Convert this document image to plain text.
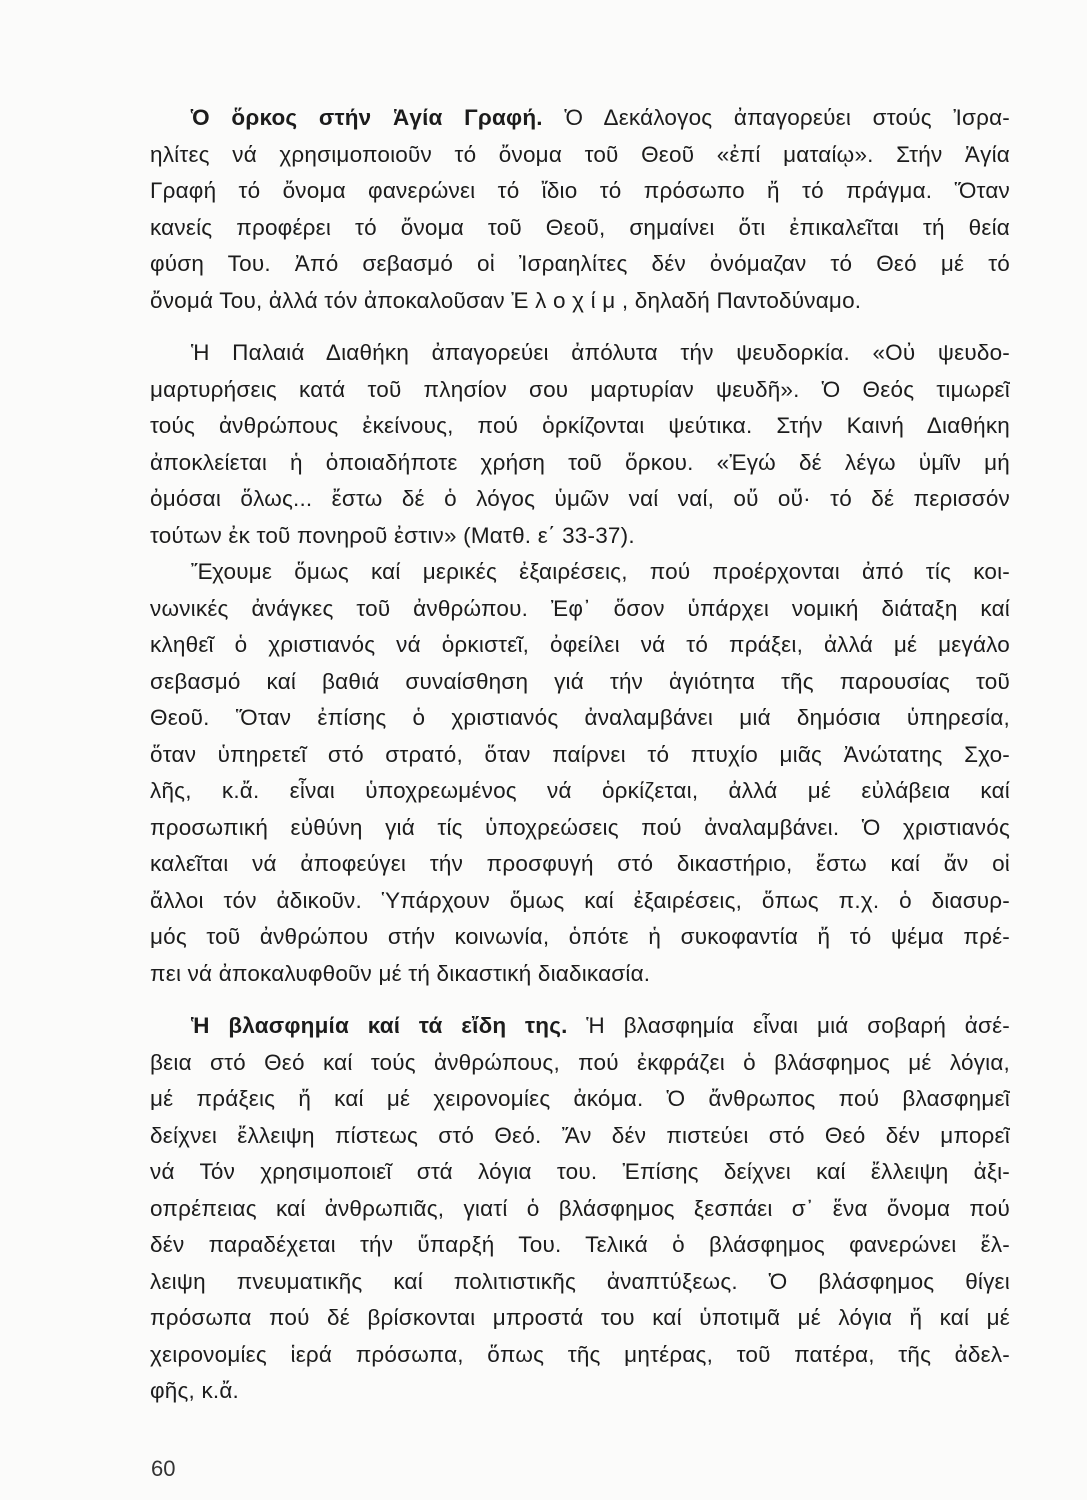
Ὁ ὅρκος στήν Ἁγία Γραφή. Ὁ Δεκάλογος ἀπαγορεύει στούς Ἰσρα-
ηλίτες νά χρησιμοποιοῦν τό ὄνομα τοῦ Θεοῦ «ἐπί ματαίῳ». Στήν Ἁγία
Γραφή τό ὄνομα φανερώνει τό ἴδιο τό πρόσωπο ἤ τό πράγμα. Ὅταν
κανείς προφέρει τό ὄνομα τοῦ Θεοῦ, σημαίνει ὅτι ἐπικαλεῖται τή θεία
φύση Του. Ἀπό σεβασμό οἱ Ἰσραηλίτες δέν ὀνόμαζαν τό Θεό μέ τό
ὄνομά Του, ἀλλά τόν ἀποκαλοῦσαν Ἐ λ ο χ ί μ , δηλαδή Παντοδύναμο.
Ἡ Παλαιά Διαθήκη ἀπαγορεύει ἀπόλυτα τήν ψευδορκία. «Οὐ ψευδο-
μαρτυρήσεις κατά τοῦ πλησίον σου μαρτυρίαν ψευδῆ». Ὁ Θεός τιμωρεῖ
τούς ἀνθρώπους ἐκείνους, πού ὁρκίζονται ψεύτικα. Στήν Καινή Διαθήκη
ἀποκλείεται ἡ ὁποιαδήποτε χρήση τοῦ ὅρκου. «Ἐγώ δέ λέγω ὑμῖν μή
ὀμόσαι ὅλως... ἔστω δέ ὁ λόγος ὑμῶν ναί ναί, οὔ οὔ· τό δέ περισσόν
τούτων ἐκ τοῦ πονηροῦ ἐστιν» (Ματθ. ε΄ 33-37).
Ἔχουμε ὅμως καί μερικές ἐξαιρέσεις, πού προέρχονται ἀπό τίς κοι-
νωνικές ἀνάγκες τοῦ ἀνθρώπου. Ἐφ᾿ ὅσον ὑπάρχει νομική διάταξη καί
κληθεῖ ὁ χριστιανός νά ὁρκιστεῖ, ὀφείλει νά τό πράξει, ἀλλά μέ μεγάλο
σεβασμό καί βαθιά συναίσθηση γιά τήν ἁγιότητα τῆς παρουσίας τοῦ
Θεοῦ. Ὅταν ἐπίσης ὁ χριστιανός ἀναλαμβάνει μιά δημόσια ὑπηρεσία,
ὅταν ὑπηρετεῖ στό στρατό, ὅταν παίρνει τό πτυχίο μιᾶς Ἀνώτατης Σχο-
λῆς, κ.ἄ. εἶναι ὑποχρεωμένος νά ὁρκίζεται, ἀλλά μέ εὐλάβεια καί
προσωπική εὐθύνη γιά τίς ὑποχρεώσεις πού ἀναλαμβάνει. Ὁ χριστιανός
καλεῖται νά ἀποφεύγει τήν προσφυγή στό δικαστήριο, ἔστω καί ἄν οἱ
ἄλλοι τόν ἀδικοῦν. Ὑπάρχουν ὅμως καί ἐξαιρέσεις, ὅπως π.χ. ὁ διασυρ-
μός τοῦ ἀνθρώπου στήν κοινωνία, ὁπότε ἡ συκοφαντία ἤ τό ψέμα πρέ-
πει νά ἀποκαλυφθοῦν μέ τή δικαστική διαδικασία.
Ἡ βλασφημία καί τά εἴδη της. Ἡ βλασφημία εἶναι μιά σοβαρή ἀσέ-
βεια στό Θεό καί τούς ἀνθρώπους, πού ἐκφράζει ὁ βλάσφημος μέ λόγια,
μέ πράξεις ἤ καί μέ χειρονομίες ἀκόμα. Ὁ ἄνθρωπος πού βλασφημεῖ
δείχνει ἔλλειψη πίστεως στό Θεό. Ἄν δέν πιστεύει στό Θεό δέν μπορεῖ
νά Τόν χρησιμοποιεῖ στά λόγια του. Ἐπίσης δείχνει καί ἔλλειψη ἀξι-
οπρέπειας καί ἀνθρωπιᾶς, γιατί ὁ βλάσφημος ξεσπάει σ᾿ ἕνα ὄνομα πού
δέν παραδέχεται τήν ὕπαρξή Του. Τελικά ὁ βλάσφημος φανερώνει ἔλ-
λειψη πνευματικῆς καί πολιτιστικῆς ἀναπτύξεως. Ὁ βλάσφημος θίγει
πρόσωπα πού δέ βρίσκονται μπροστά του καί ὑποτιμᾶ μέ λόγια ἤ καί μέ
χειρονομίες ἱερά πρόσωπα, ὅπως τῆς μητέρας, τοῦ πατέρα, τῆς ἀδελ-
φῆς, κ.ἄ.
60
